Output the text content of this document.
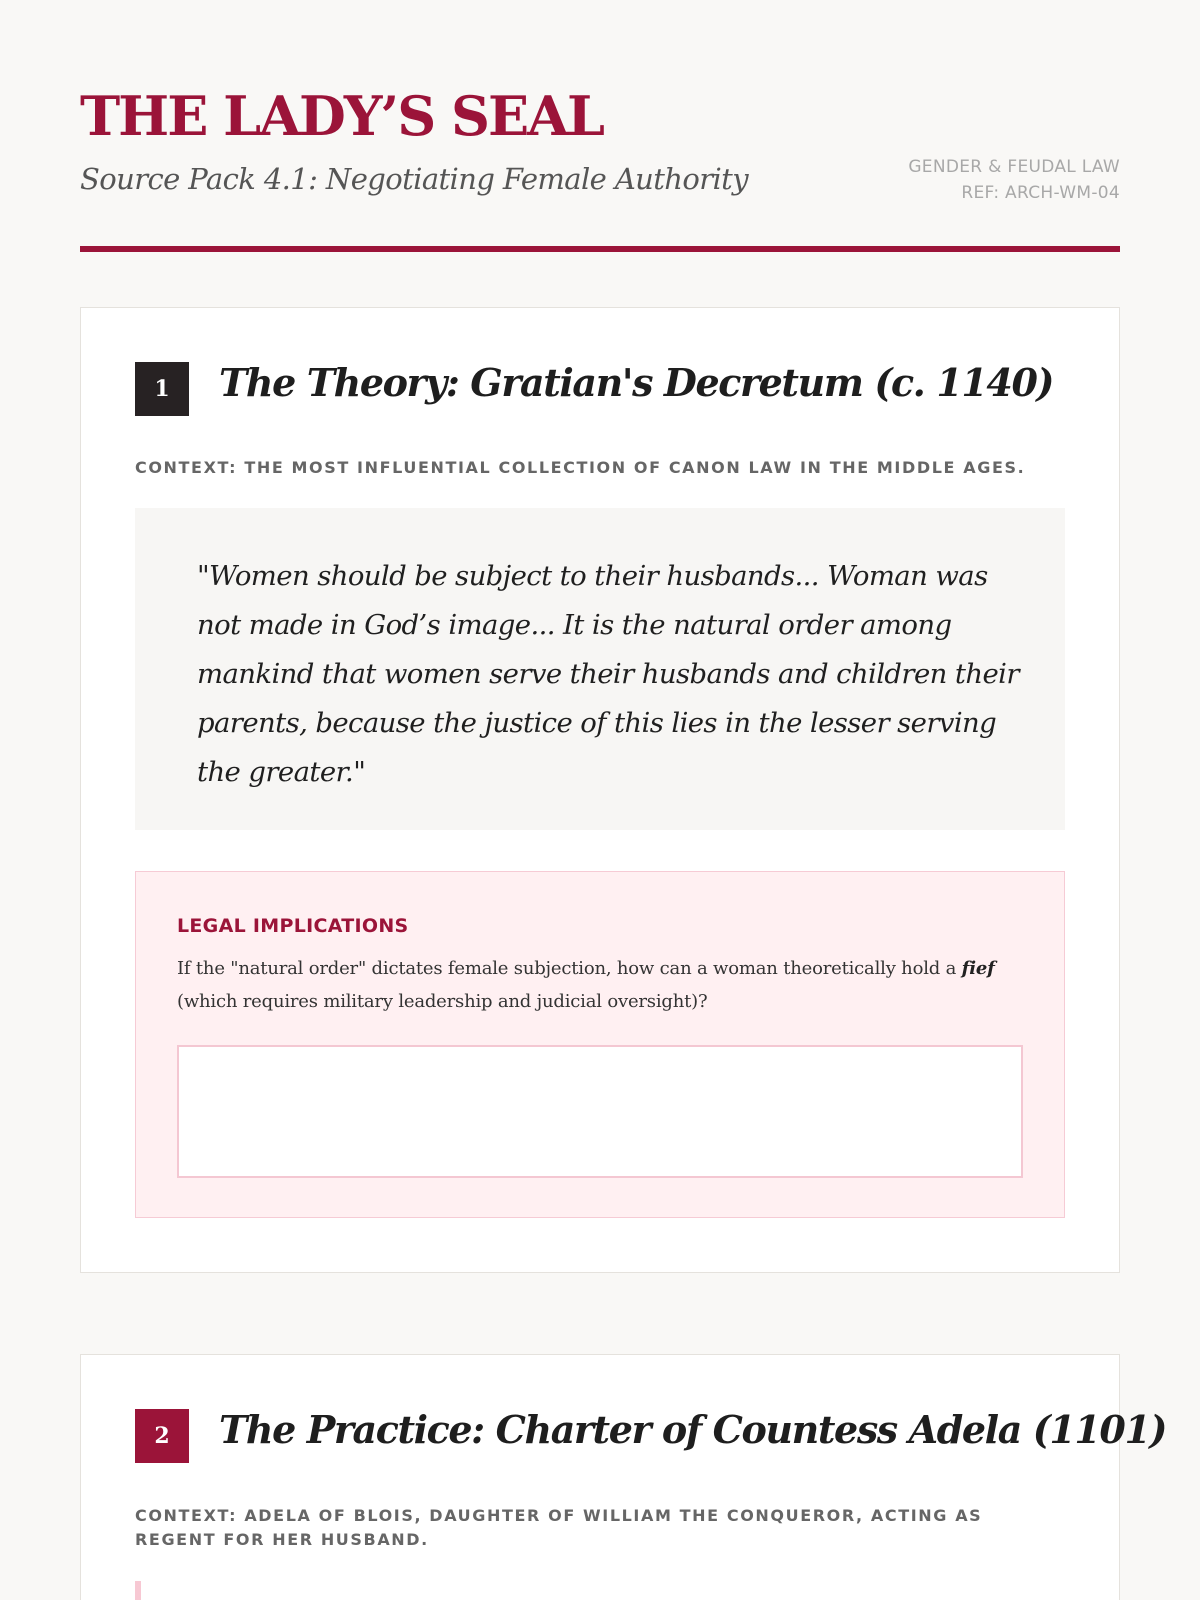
THE LADY’S SEAL
Source Pack 4.1: Negotiating Female Authority	GENDER & FEUDAL LAW
REF: ARCH-WM-04
1	The Theory: Gratian's Decretum (c. 1140)
CONTEXT: THE MOST INFLUENTIAL COLLECTION OF CANON LAW IN THE MIDDLE AGES.

"Women should be subject to their husbands... Woman was not made in God’s image... It is the natural order among mankind that women serve their husbands and children their parents, because the justice of this lies in the lesser serving the greater."

LEGAL IMPLICATIONS

If the "natural order" dictates female subjection, how can a woman theoretically hold a fief (which requires military leadership and judicial oversight)?

2	The Practice: Charter of Countess Adela (1101)
CONTEXT: ADELA OF BLOIS, DAUGHTER OF WILLIAM THE CONQUEROR, ACTING AS REGENT FOR HER HUSBAND.
